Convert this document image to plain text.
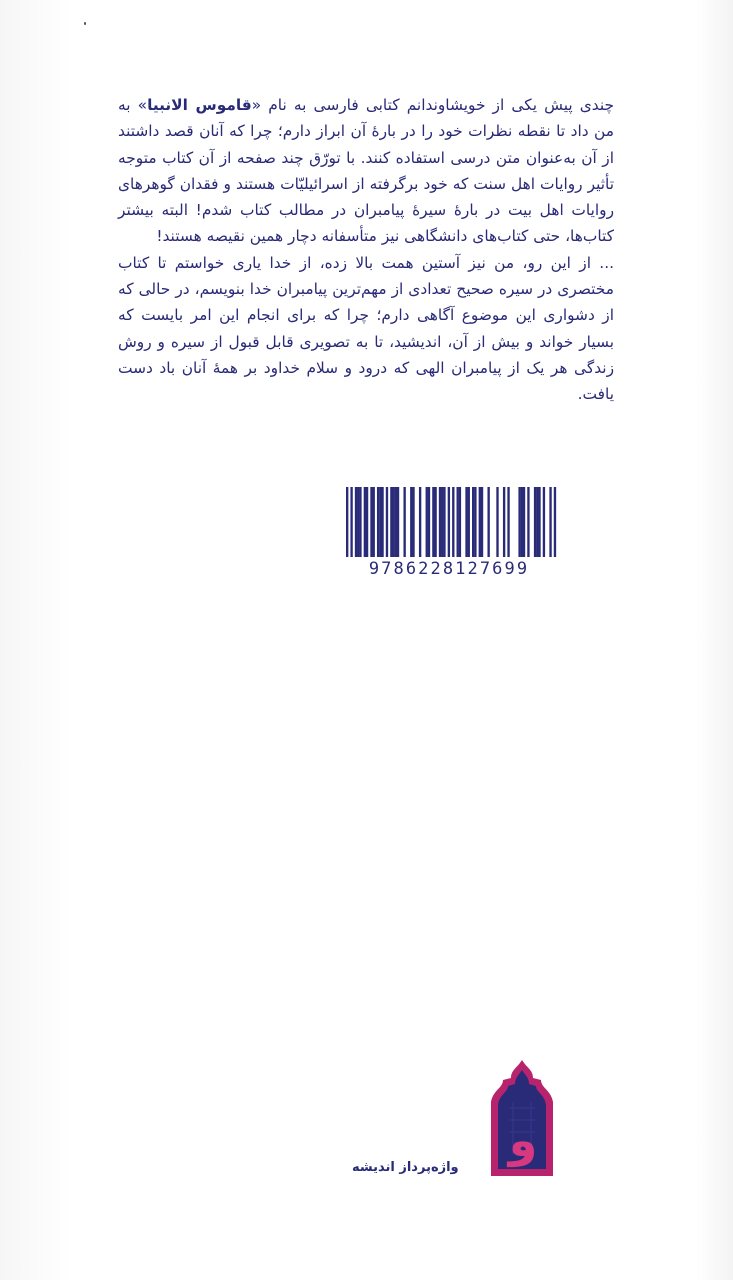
چندی پیش یکی از خویشاوندانم کتابی فارسی به نام «قاموس الانبیا» به من داد تا نقطه نظرات خود را در بارهٔ آن ابراز دارم؛ چرا که آنان قصد داشتند از آن به‌عنوان متن درسی استفاده کنند. با تورّق چند صفحه از آن کتاب متوجه تأثیر روایات اهل سنت که خود برگرفته از اسرائیلیّات هستند و فقدان گوهرهای روایات اهل بیت در بارهٔ سیرهٔ پیامبران در مطالب کتاب شدم! البته بیشتر کتاب‌ها، حتی کتاب‌های دانشگاهی نیز متأسفانه دچار همین نقیصه هستند!

... از این رو، من نیز آستین همت بالا زده، از خدا یاری خواستم تا کتاب مختصری در سیره صحیح تعدادی از مهم‌ترین پیامبران خدا بنویسم، در حالی که از دشواری این موضوع آگاهی دارم؛ چرا که برای انجام این امر بایست که بسیار خواند و بیش از آن، اندیشید، تا به تصویری قابل قبول از سیره و روش زندگی هر یک از پیامبران الهی که درود و سلام خداود بر همهٔ آنان باد دست یافت.

9786228127699
و
واژه‌پرداز اندیشه
